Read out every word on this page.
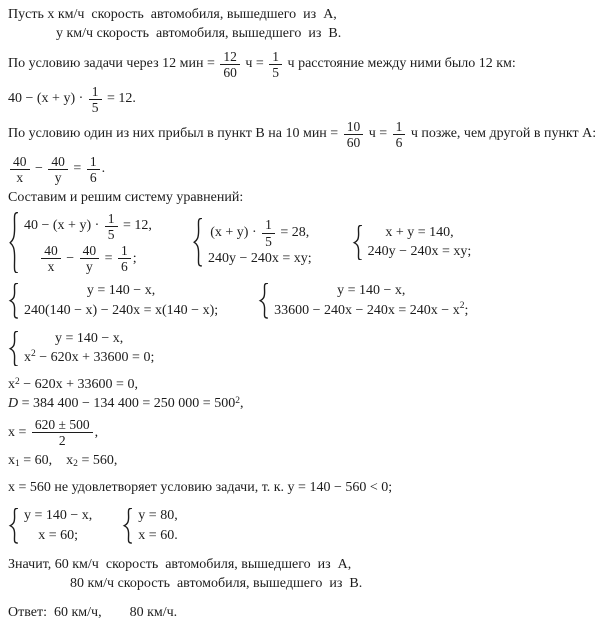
Пусть x км/ч  скорость  автомобиля, вышедшего  из  А,

у км/ч скорость  автомобиля, вышедшего  из  В.

По условию задачи через 12 мин = $\frac{12}{60}$ $ч = \frac{1}{5}$ ч расстояние между ними было 12 км:

$40 - (x + y) \cdot \frac{1}{5} = 12$.

По условию один из них прибыл в пункт В на 10 мин = $\frac{10}{60}$ $ч = \frac{1}{6}$ ч позже, чем другой в пункт А:

$\frac{40}{x} - \frac{40}{y} = \frac{1}{6}$ .

Составим и решим систему уравнений:

$40 - (x + y) \cdot \frac{1}{5} = 12$,

$\frac{40}{x} - \frac{40}{y} = \frac{1}{6}$ ;

$(x + y) \cdot \frac{1}{5} = 28$,

240y − 240x = xy;

x + y = 140,

240y − 240x = xy;

y = 140 − x,

240(140 − x) − 240x = x(140 − x);

y = 140 − x,

$33600 - 240x - 240x = 240x - x^2$ ;

y = 140 − x,

$x^2 - 620x + 33600 = 0$;

$x^2 - 620x + 33600 = 0$,

D = 384 400 − 134 400 = 250 $000 = 500^2$,

$x = \frac{620 \pm 500}{2}$ ,

$x_1 = 60$,    $x_2 = 560$,

x = 560 не удовлетворяет условию задачи, т. к. y = 140 − 560 < 0;

y = 140 − x,

x = 60;

y = 80,

x = 60.

Значит, 60 км/ч  скорость  автомобиля, вышедшего  из  А,

80 км/ч скорость  автомобиля, вышедшего  из  В.

Ответ:  60 км/ч,        80 км/ч.
